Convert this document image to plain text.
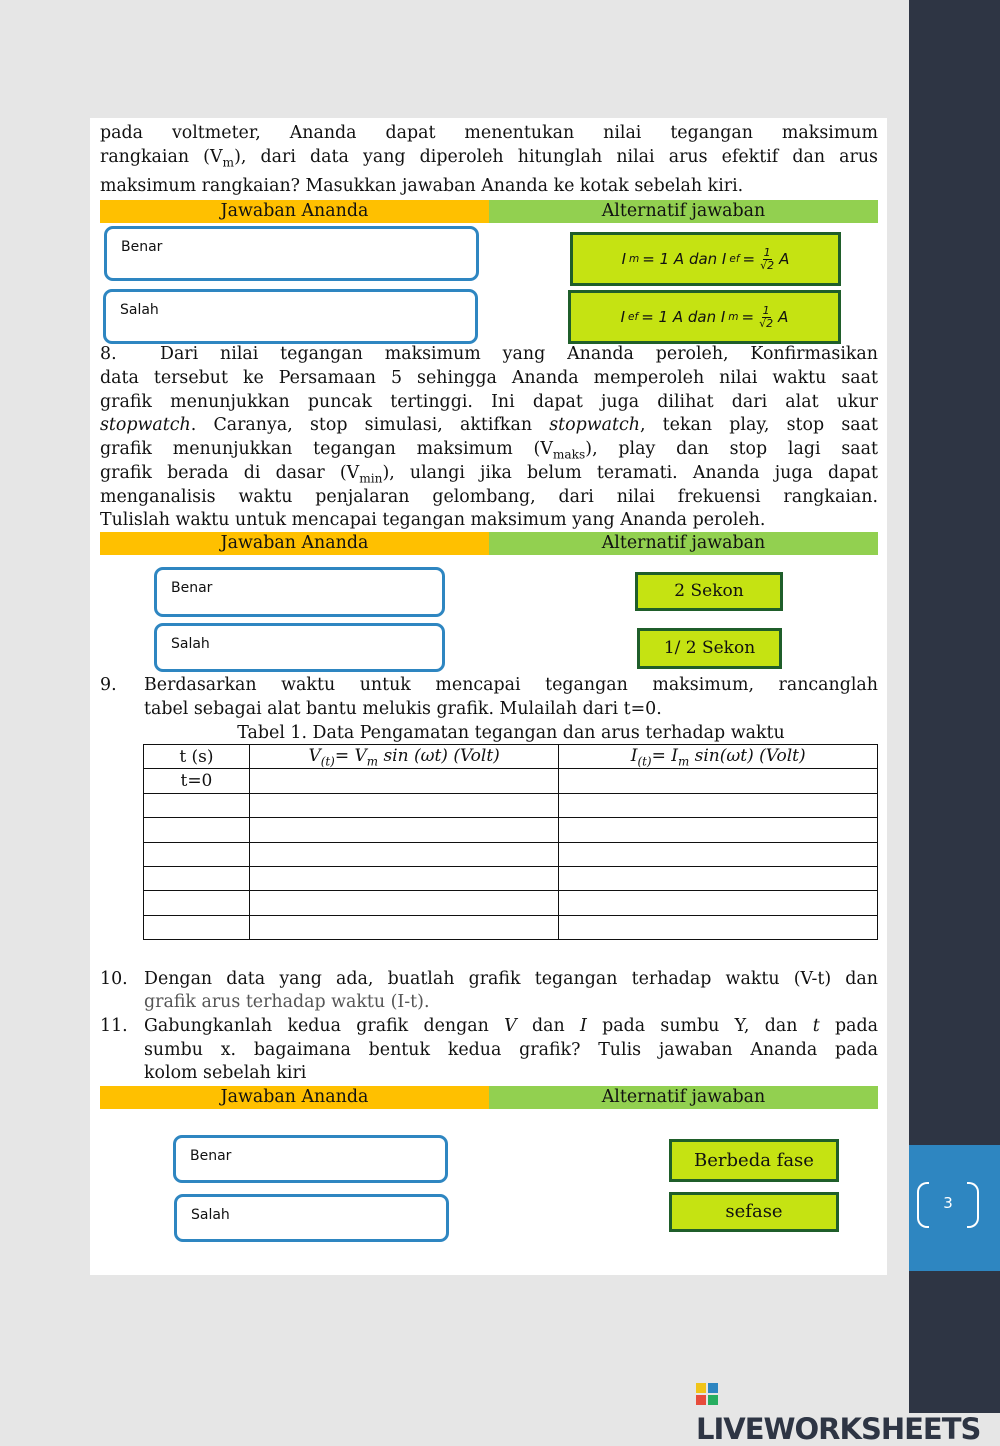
3
pada voltmeter, Ananda dapat menentukan nilai tegangan maksimum
rangkaian $(V_m)$, dari data yang diperoleh hitunglah nilai arus efektif dan arus
maksimum rangkaian? Masukkan jawaban Ananda ke kotak sebelah kiri.
Jawaban Ananda	Alternatif jawaban
Benar
Salah
I m = 1 A dan I ef = $\frac{1}{√2}$ A
I ef = 1 A dan I $m = \frac{1}{√2}$ A
8. Dari nilai tegangan maksimum yang Ananda peroleh, Konfirmasikan
data tersebut ke Persamaan 5 sehingga Ananda memperoleh nilai waktu saat
grafik menunjukkan puncak tertinggi. Ini dapat juga dilihat dari alat ukur
stopwatch. Caranya, stop simulasi, aktifkan stopwatch, tekan play, stop saat
grafik menunjukkan tegangan maksimum $(V_{maks})$, play dan stop lagi saat
grafik berada di dasar $(V_{min})$, ulangi jika belum teramati. Ananda juga dapat
menganalisis waktu penjalaran gelombang, dari nilai frekuensi rangkaian.
Tulislah waktu untuk mencapai tegangan maksimum yang Ananda peroleh.
Jawaban Ananda	Alternatif jawaban
Benar
Salah
2 Sekon
1/ 2 Sekon
9. Berdasarkan waktu untuk mencapai tegangan maksimum, rancanglah
tabel sebagai alat bantu melukis grafik. Mulailah dari t=0.
Tabel 1. Data Pengamatan tegangan dan arus terhadap waktu
t (s)	$V_{(t)}= V_m$ sin (ωt) (Volt)	$I_{(t)}= I_m$ sin(ωt) (Volt)
t=0		

10. Dengan data yang ada, buatlah grafik tegangan terhadap waktu (V-t) dan
grafik arus terhadap waktu (I-t).
11. Gabungkanlah kedua grafik dengan V dan I pada sumbu Y, dan t pada
sumbu x. bagaimana bentuk kedua grafik? Tulis jawaban Ananda pada
kolom sebelah kiri
Jawaban Ananda	Alternatif jawaban
Benar
Salah
Berbeda fase
sefase
LIVEWORKSHEETS
